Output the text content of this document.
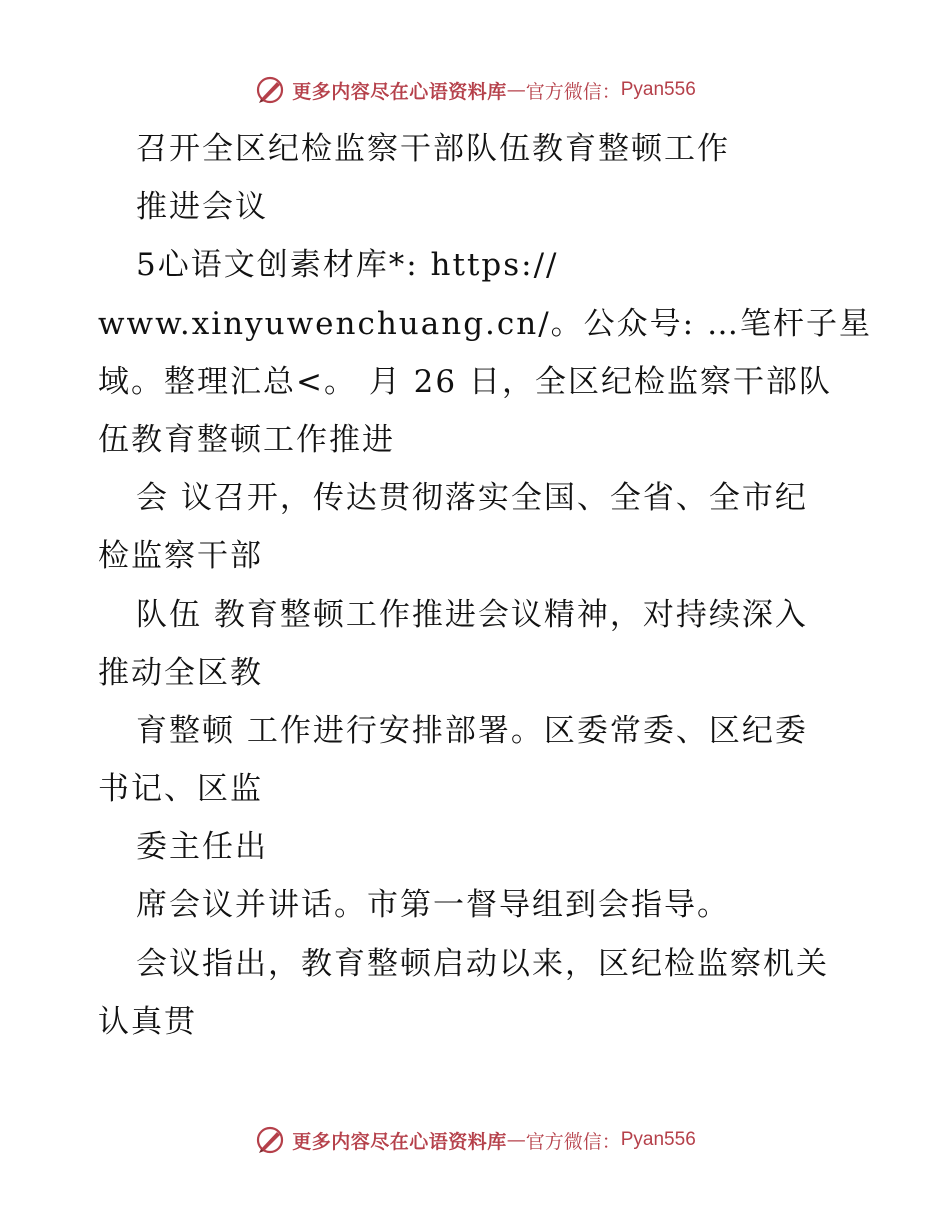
更多内容尽在心语资料库 — 官方微信： Pyan556
召开全区纪检监察干部队伍教育整顿工作
推进会议
5心语文创素材库*: https://
www.xinyuwenchuang.cn/。公众号: …笔杆子星
域。整理汇总<。 月 26 日，全区纪检监察干部队
伍教育整顿工作推进
会 议召开，传达贯彻落实全国、全省、全市纪
检监察干部
队伍 教育整顿工作推进会议精神，对持续深入
推动全区教
育整顿 工作进行安排部署。区委常委、区纪委
书记、区监
委主任出
席会议并讲话。市第一督导组到会指导。
会议指出，教育整顿启动以来，区纪检监察机关
认真贯
更多内容尽在心语资料库 — 官方微信： Pyan556
